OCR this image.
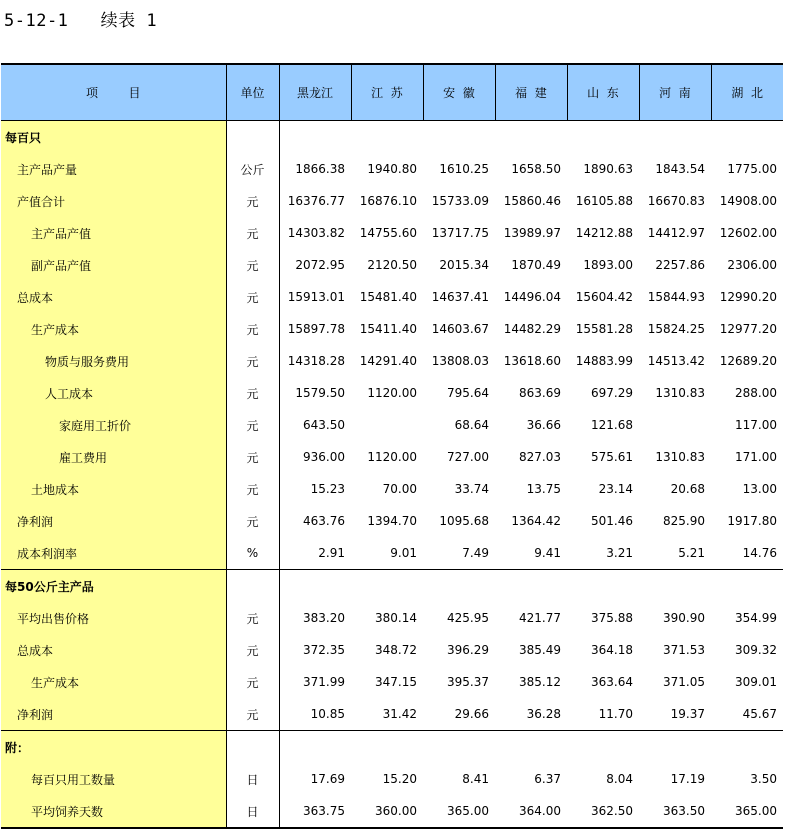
5-12-1   续表 1
项        目	单位	黑龙江	江  苏	安  徽	福  建	山  东	河  南	湖  北
每百只								
主产品产量	公斤	1866.38	1940.80	1610.25	1658.50	1890.63	1843.54	1775.00
产值合计	元	16376.77	16876.10	15733.09	15860.46	16105.88	16670.83	14908.00
主产品产值	元	14303.82	14755.60	13717.75	13989.97	14212.88	14412.97	12602.00
副产品产值	元	2072.95	2120.50	2015.34	1870.49	1893.00	2257.86	2306.00
总成本	元	15913.01	15481.40	14637.41	14496.04	15604.42	15844.93	12990.20
生产成本	元	15897.78	15411.40	14603.67	14482.29	15581.28	15824.25	12977.20
物质与服务费用	元	14318.28	14291.40	13808.03	13618.60	14883.99	14513.42	12689.20
人工成本	元	1579.50	1120.00	795.64	863.69	697.29	1310.83	288.00
家庭用工折价	元	643.50		68.64	36.66	121.68		117.00
雇工费用	元	936.00	1120.00	727.00	827.03	575.61	1310.83	171.00
土地成本	元	15.23	70.00	33.74	13.75	23.14	20.68	13.00
净利润	元	463.76	1394.70	1095.68	1364.42	501.46	825.90	1917.80
成本利润率	%	2.91	9.01	7.49	9.41	3.21	5.21	14.76
每50公斤主产品								
平均出售价格	元	383.20	380.14	425.95	421.77	375.88	390.90	354.99
总成本	元	372.35	348.72	396.29	385.49	364.18	371.53	309.32
生产成本	元	371.99	347.15	395.37	385.12	363.64	371.05	309.01
净利润	元	10.85	31.42	29.66	36.28	11.70	19.37	45.67
附：								
每百只用工数量	日	17.69	15.20	8.41	6.37	8.04	17.19	3.50
平均饲养天数	日	363.75	360.00	365.00	364.00	362.50	363.50	365.00
